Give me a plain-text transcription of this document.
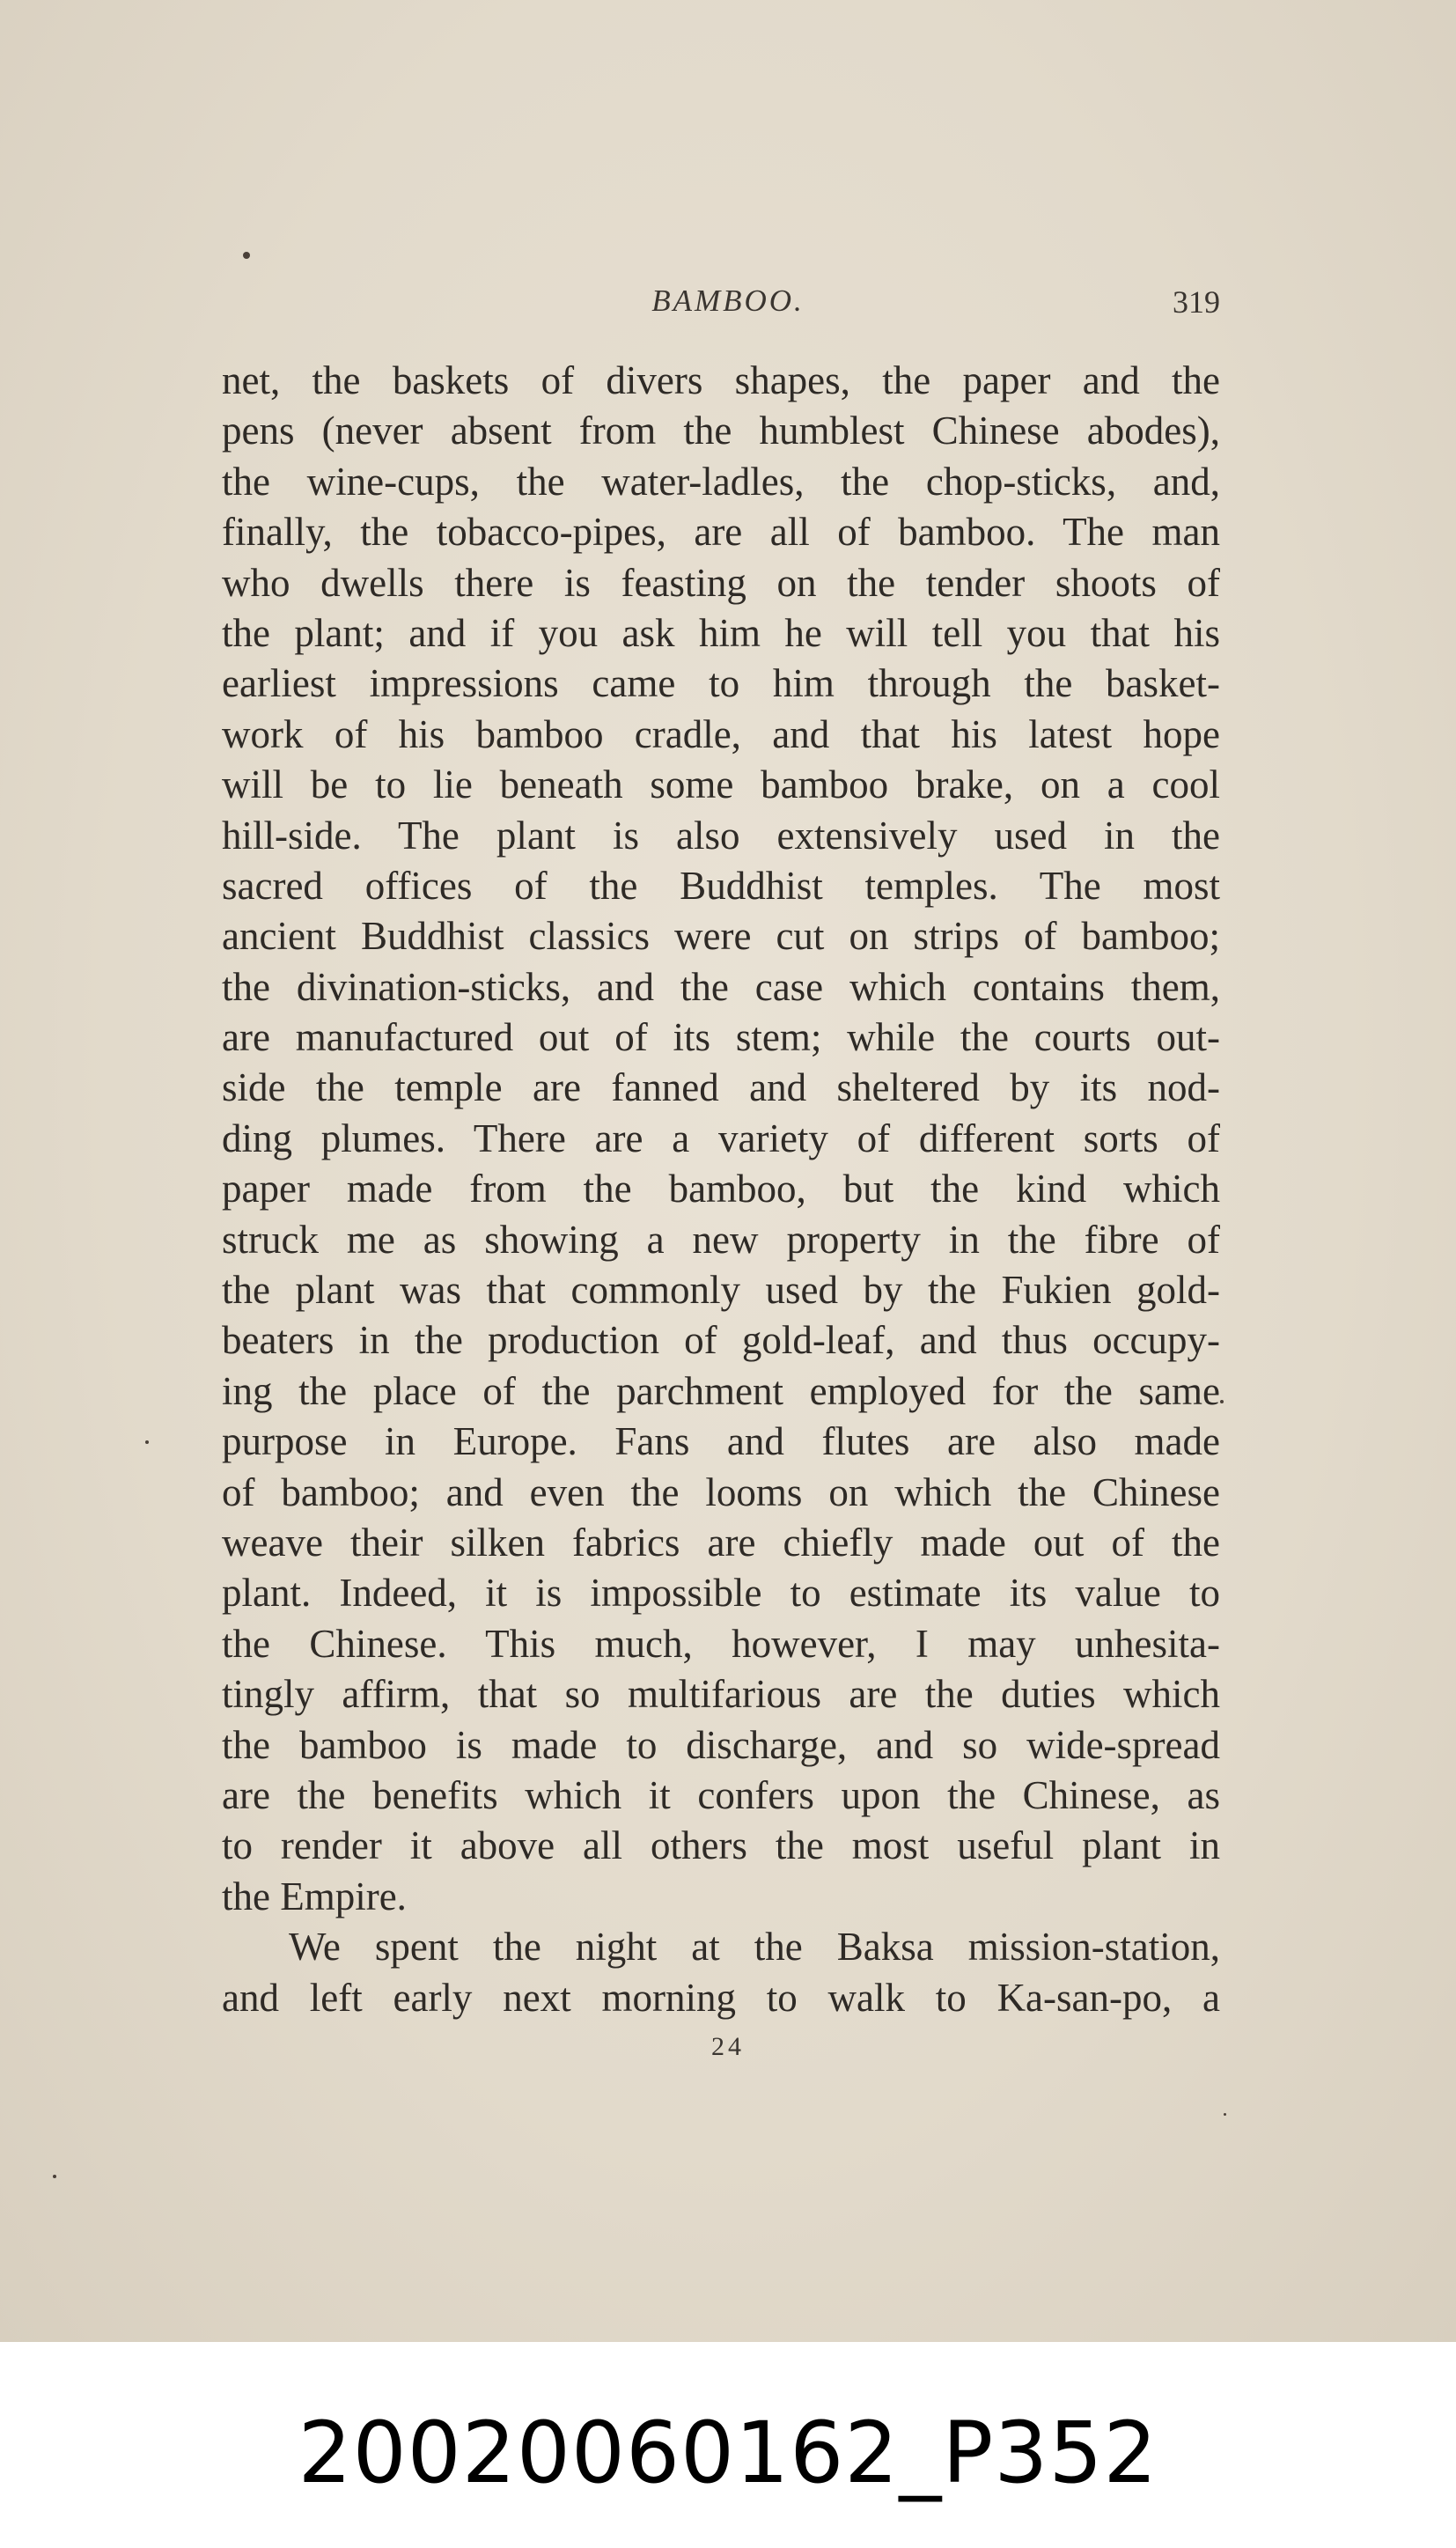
BAMBOO.	319
net, the baskets of divers shapes, the paper and the
pens (never absent from the humblest Chinese abodes),
the wine-cups, the water-ladles, the chop-sticks, and,
finally, the tobacco-pipes, are all of bamboo. The man
who dwells there is feasting on the tender shoots of
the plant; and if you ask him he will tell you that his
earliest impressions came to him through the basket-
work of his bamboo cradle, and that his latest hope
will be to lie beneath some bamboo brake, on a cool
hill-side. The plant is also extensively used in the
sacred offices of the Buddhist temples. The most
ancient Buddhist classics were cut on strips of bamboo;
the divination-sticks, and the case which contains them,
are manufactured out of its stem; while the courts out-
side the temple are fanned and sheltered by its nod-
ding plumes. There are a variety of different sorts of
paper made from the bamboo, but the kind which
struck me as showing a new property in the fibre of
the plant was that commonly used by the Fukien gold-
beaters in the production of gold-leaf, and thus occupy-
ing the place of the parchment employed for the same
purpose in Europe. Fans and flutes are also made
of bamboo; and even the looms on which the Chinese
weave their silken fabrics are chiefly made out of the
plant. Indeed, it is impossible to estimate its value to
the Chinese. This much, however, I may unhesita-
tingly affirm, that so multifarious are the duties which
the bamboo is made to discharge, and so wide-spread
are the benefits which it confers upon the Chinese, as
to render it above all others the most useful plant in
the Empire.
We spent the night at the Baksa mission-station,
and left early next morning to walk to Ka-san-po, a
24
20020060162_P352
